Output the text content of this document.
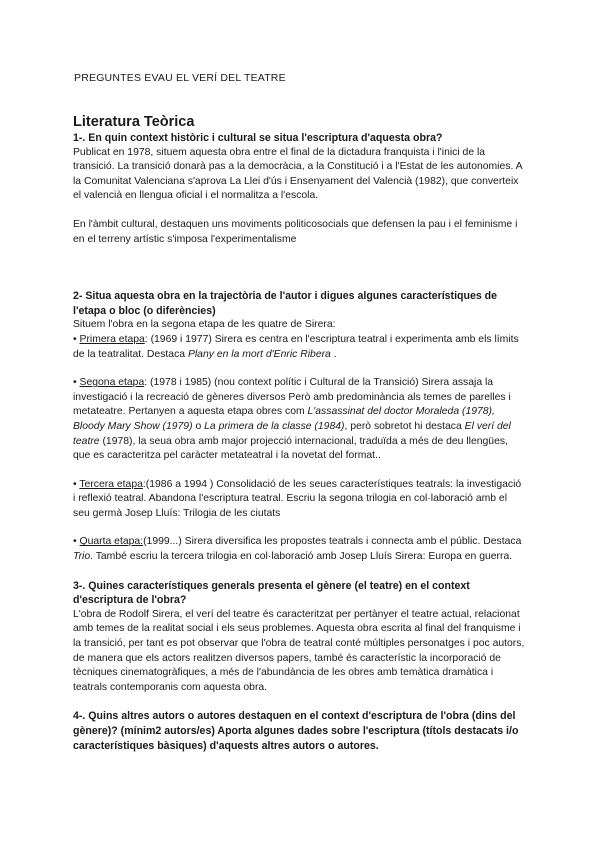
PREGUNTES EVAU EL VERÍ DEL TEATRE
Literatura Teòrica

1-. En quin context històric i cultural se situa l'escriptura d'aquesta obra?

Publicat en 1978, situem aquesta obra entre el final de la dictadura franquista i l'inici de la transició. La transició donarà pas a la democràcia, a la Constitució i a l'Estat de les autonomies. A la Comunitat Valenciana s'aprova La Llei d'ús i Ensenyament del Valencià (1982), que converteix el valencià en llengua oficial i el normalitza a l'escola.

En l'àmbit cultural, destaquen uns moviments politicosocials que defensen la pau i el feminisme i en el terreny artístic s'imposa l'experimentalisme

2- Situa aquesta obra en la trajectòria de l'autor i digues algunes característiques de l'etapa o bloc (o diferències)

Situem l'obra en la segona etapa de les quatre de Sirera:

• Primera etapa: (1969 i 1977) Sirera es centra en l'escriptura teatral i experimenta amb els límits de la teatralitat. Destaca Plany en la mort d'Enric Ribera .

• Segona etapa: (1978 i 1985) (nou context polític i Cultural de la Transició) Sirera assaja la investigació i la recreació de gèneres diversos Però amb predominància als temes de parelles i metateatre. Pertanyen a aquesta etapa obres com L'assassinat del doctor Moraleda (1978), Bloody Mary Show (1979) o La primera de la classe (1984), però sobretot hi destaca El verí del teatre (1978), la seua obra amb major projecció internacional, traduïda a més de deu llengües, que es caracteritza pel caràcter metateatral i la novetat del format..

• Tercera etapa:(1986 a 1994 ) Consolidació de les seues característiques teatrals: la investigació i reflexió teatral. Abandona l'escriptura teatral. Escriu la segona trilogia en col·laboració amb el seu germà Josep Lluís: Trilogia de les ciutats

• Quarta etapa:(1999...) Sirera diversifica les propostes teatrals i connecta amb el públic. Destaca Trio. També escriu la tercera trilogia en col·laboració amb Josep Lluís Sirera: Europa en guerra.

3-. Quines característiques generals presenta el gènere (el teatre) en el context d'escriptura de l'obra?

L'obra de Rodolf Sirera, el verí del teatre és caracteritzat per pertànyer el teatre actual, relacionat amb temes de la realitat social i els seus problemes. Aquesta obra escrita al final del franquisme i la transició, per tant es pot observar que l'obra de teatral conté múltiples personatges i poc autors, de manera que els actors realitzen diversos papers, també és característic la incorporació de tècniques cinematogràfiques, a més de l'abundància de les obres amb temàtica dramàtica i teatrals contemporanis com aquesta obra.

4-. Quins altres autors o autores destaquen en el context d'escriptura de l'obra (dins del gènere)? (mínim2 autors/es) Aporta algunes dades sobre l'escriptura (títols destacats i/o característiques bàsiques) d'aquests altres autors o autores.
